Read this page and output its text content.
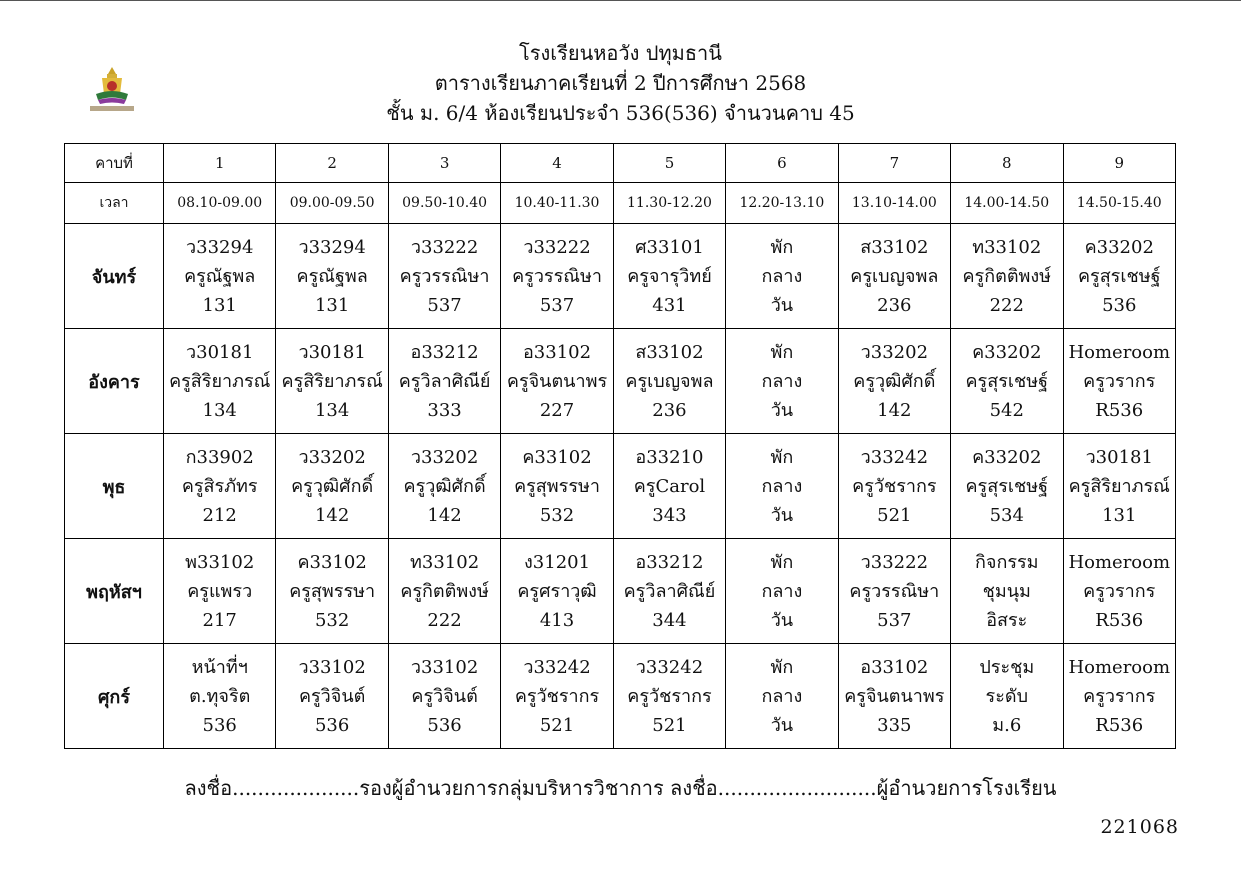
โรงเรียนหอวัง ปทุมธานี
ตารางเรียนภาคเรียนที่ 2 ปีการศึกษา 2568
ชั้น ม. 6/4 ห้องเรียนประจำ 536(536) จำนวนคาบ 45
คาบที่	1	2	3	4	5	6	7	8	9
เวลา	08.10-09.00	09.00-09.50	09.50-10.40	10.40-11.30	11.30-12.20	12.20-13.10	13.10-14.00	14.00-14.50	14.50-15.40
จันทร์	ว33294
ครูณัฐพล
131	ว33294
ครูณัฐพล
131	ว33222
ครูวรรณิษา
537	ว33222
ครูวรรณิษา
537	ศ33101
ครูจารุวิทย์
431	พัก
กลาง
วัน	ส33102
ครูเบญจพล
236	ท33102
ครูกิตติพงษ์
222	ค33202
ครูสุรเชษฐ์
536

อังคาร	ว30181
ครูสิริยาภรณ์
134	ว30181
ครูสิริยาภรณ์
134	อ33212
ครูวิลาศิณีย์
333	อ33102
ครูจินตนาพร
227	ส33102
ครูเบญจพล
236	พัก
กลาง
วัน	ว33202
ครูวุฒิศักดิ์
142	ค33202
ครูสุรเชษฐ์
542	Homeroom
ครูวรากร
R536

พุธ	ก33902
ครูสิรภัทร
212	ว33202
ครูวุฒิศักดิ์
142	ว33202
ครูวุฒิศักดิ์
142	ค33102
ครูสุพรรษา
532	อ33210
ครูCarol
343	พัก
กลาง
วัน	ว33242
ครูวัชรากร
521	ค33202
ครูสุรเชษฐ์
534	ว30181
ครูสิริยาภรณ์
131

พฤหัสฯ	พ33102
ครูแพรว
217	ค33102
ครูสุพรรษา
532	ท33102
ครูกิตติพงษ์
222	ง31201
ครูศราวุฒิ
413	อ33212
ครูวิลาศิณีย์
344	พัก
กลาง
วัน	ว33222
ครูวรรณิษา
537	กิจกรรม
ชุมนุม
อิสระ	Homeroom
ครูวรากร
R536

ศุกร์	หน้าที่ฯ
ต.ทุจริต
536	ว33102
ครูวิจินต์
536	ว33102
ครูวิจินต์
536	ว33242
ครูวัชรากร
521	ว33242
ครูวัชรากร
521	พัก
กลาง
วัน	อ33102
ครูจินตนาพร
335	ประชุม
ระดับ
ม.6	Homeroom
ครูวรากร
R536
ลงชื่อ....................รองผู้อำนวยการกลุ่มบริหารวิชาการ ลงชื่อ.........................ผู้อำนวยการโรงเรียน
221068
